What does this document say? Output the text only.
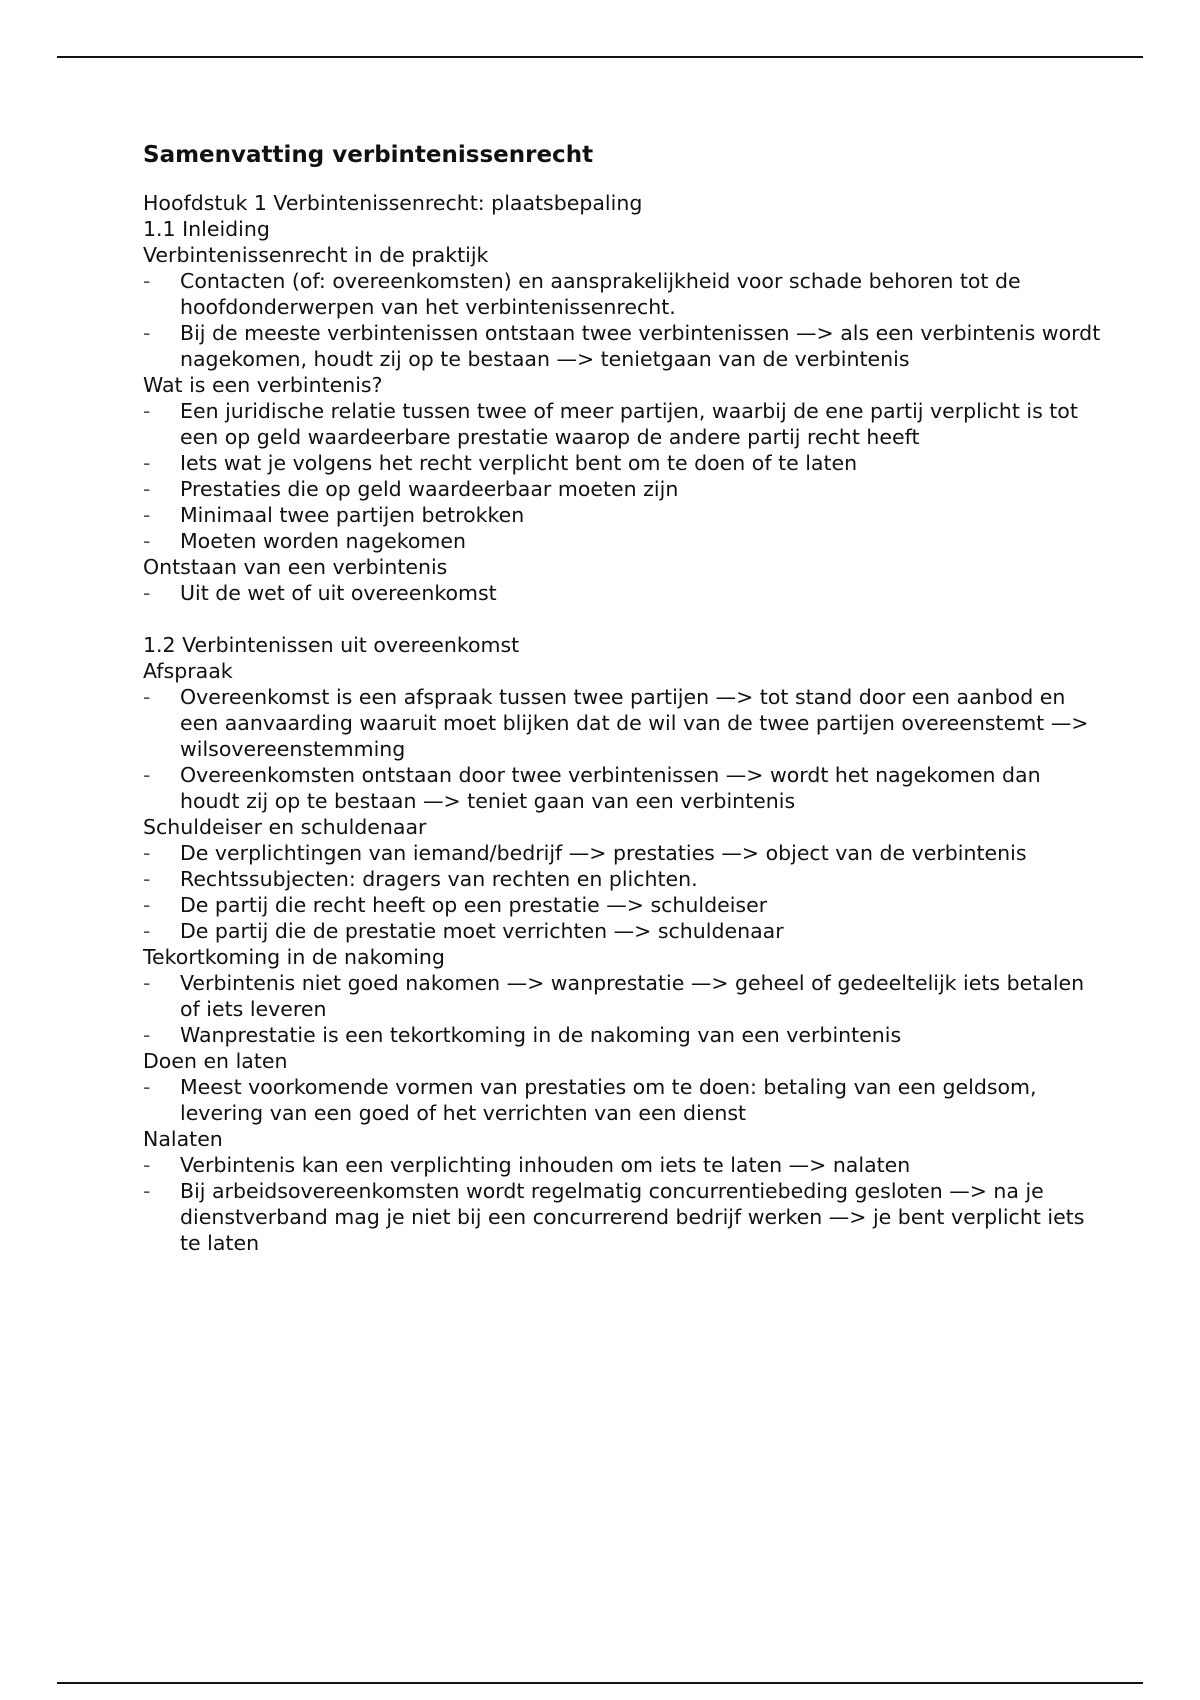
Samenvatting verbintenissenrecht

Hoofdstuk 1 Verbintenissenrecht: plaatsbepaling

1.1 Inleiding

Verbintenissenrecht in de praktijk

- Contacten (of: overeenkomsten) en aansprakelijkheid voor schade behoren tot de hoofdonderwerpen van het verbintenissenrecht.

- Bij de meeste verbintenissen ontstaan twee verbintenissen —> als een verbintenis wordt nagekomen, houdt zij op te bestaan —> tenietgaan van de verbintenis

Wat is een verbintenis?

- Een juridische relatie tussen twee of meer partijen, waarbij de ene partij verplicht is tot een op geld waardeerbare prestatie waarop de andere partij recht heeft

- Iets wat je volgens het recht verplicht bent om te doen of te laten

- Prestaties die op geld waardeerbaar moeten zijn

- Minimaal twee partijen betrokken

- Moeten worden nagekomen

Ontstaan van een verbintenis

- Uit de wet of uit overeenkomst

1.2 Verbintenissen uit overeenkomst

Afspraak

- Overeenkomst is een afspraak tussen twee partijen —> tot stand door een aanbod en een aanvaarding waaruit moet blijken dat de wil van de twee partijen overeenstemt —> wilsovereenstemming

- Overeenkomsten ontstaan door twee verbintenissen —> wordt het nagekomen dan houdt zij op te bestaan —> teniet gaan van een verbintenis

Schuldeiser en schuldenaar

- De verplichtingen van iemand/bedrijf —> prestaties —> object van de verbintenis

- Rechtssubjecten: dragers van rechten en plichten.

- De partij die recht heeft op een prestatie —> schuldeiser

- De partij die de prestatie moet verrichten —> schuldenaar

Tekortkoming in de nakoming

- Verbintenis niet goed nakomen —> wanprestatie —> geheel of gedeeltelijk iets betalen of iets leveren

- Wanprestatie is een tekortkoming in de nakoming van een verbintenis

Doen en laten

- Meest voorkomende vormen van prestaties om te doen: betaling van een geldsom, levering van een goed of het verrichten van een dienst

Nalaten

- Verbintenis kan een verplichting inhouden om iets te laten —> nalaten

- Bij arbeidsovereenkomsten wordt regelmatig concurrentiebeding gesloten —> na je dienstverband mag je niet bij een concurrerend bedrijf werken —> je bent verplicht iets te laten
